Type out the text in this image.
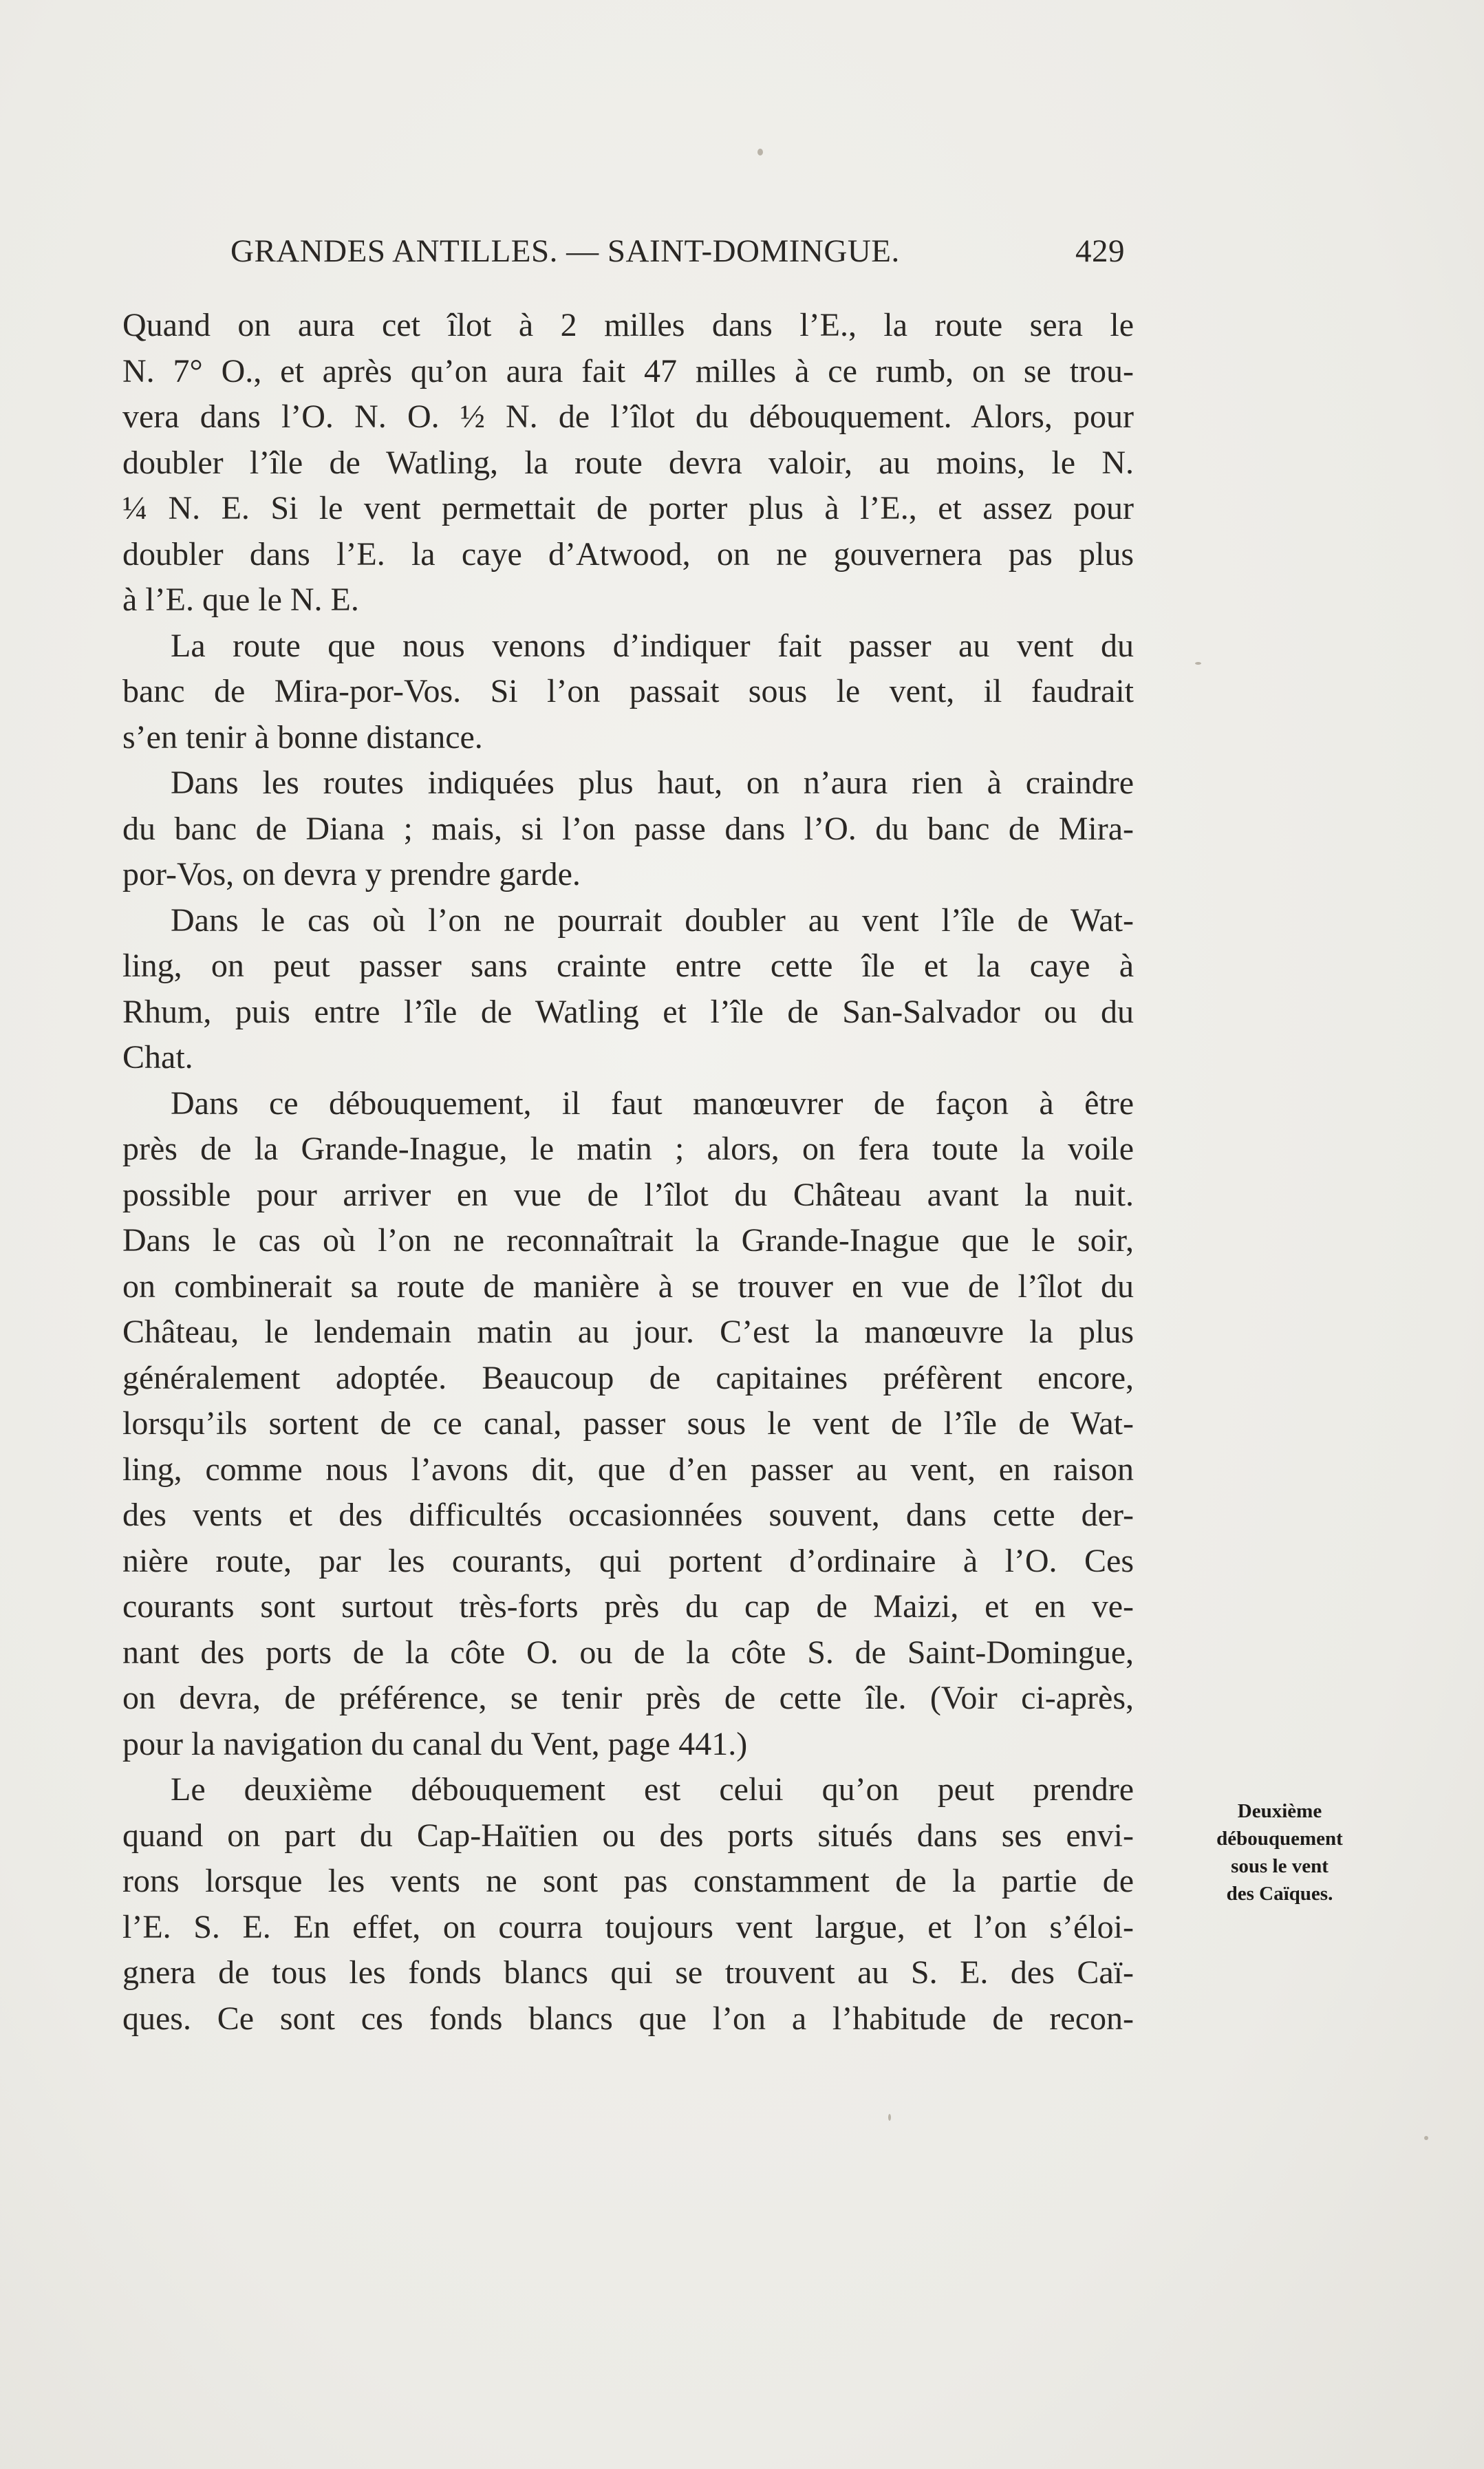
GRANDES ANTILLES. — SAINT-DOMINGUE.	429
Quand on aura cet îlot à 2 milles dans l’E., la route sera le
N. 7° O., et après qu’on aura fait 47 milles à ce rumb, on se trou-
vera dans l’O. N. O. ½ N. de l’îlot du débouquement. Alors, pour
doubler l’île de Watling, la route devra valoir, au moins, le N.
¼ N. E. Si le vent permettait de porter plus à l’E., et assez pour
doubler dans l’E. la caye d’Atwood, on ne gouvernera pas plus
à l’E. que le N. E.
La route que nous venons d’indiquer fait passer au vent du
banc de Mira-por-Vos. Si l’on passait sous le vent, il faudrait
s’en tenir à bonne distance.
Dans les routes indiquées plus haut, on n’aura rien à craindre
du banc de Diana ; mais, si l’on passe dans l’O. du banc de Mira-
por-Vos, on devra y prendre garde.
Dans le cas où l’on ne pourrait doubler au vent l’île de Wat-
ling, on peut passer sans crainte entre cette île et la caye à
Rhum, puis entre l’île de Watling et l’île de San-Salvador ou du
Chat.
Dans ce débouquement, il faut manœuvrer de façon à être
près de la Grande-Inague, le matin ; alors, on fera toute la voile
possible pour arriver en vue de l’îlot du Château avant la nuit.
Dans le cas où l’on ne reconnaîtrait la Grande-Inague que le soir,
on combinerait sa route de manière à se trouver en vue de l’îlot du
Château, le lendemain matin au jour. C’est la manœuvre la plus
généralement adoptée. Beaucoup de capitaines préfèrent encore,
lorsqu’ils sortent de ce canal, passer sous le vent de l’île de Wat-
ling, comme nous l’avons dit, que d’en passer au vent, en raison
des vents et des difficultés occasionnées souvent, dans cette der-
nière route, par les courants, qui portent d’ordinaire à l’O. Ces
courants sont surtout très-forts près du cap de Maizi, et en ve-
nant des ports de la côte O. ou de la côte S. de Saint-Domingue,
on devra, de préférence, se tenir près de cette île. (Voir ci-après,
pour la navigation du canal du Vent, page 441.)
Le deuxième débouquement est celui qu’on peut prendre
quand on part du Cap-Haïtien ou des ports situés dans ses envi-
rons lorsque les vents ne sont pas constamment de la partie de
l’E. S. E. En effet, on courra toujours vent largue, et l’on s’éloi-
gnera de tous les fonds blancs qui se trouvent au S. E. des Caï-
ques. Ce sont ces fonds blancs que l’on a l’habitude de recon-
Deuxième
débouquement
sous le vent
des Caïques.
